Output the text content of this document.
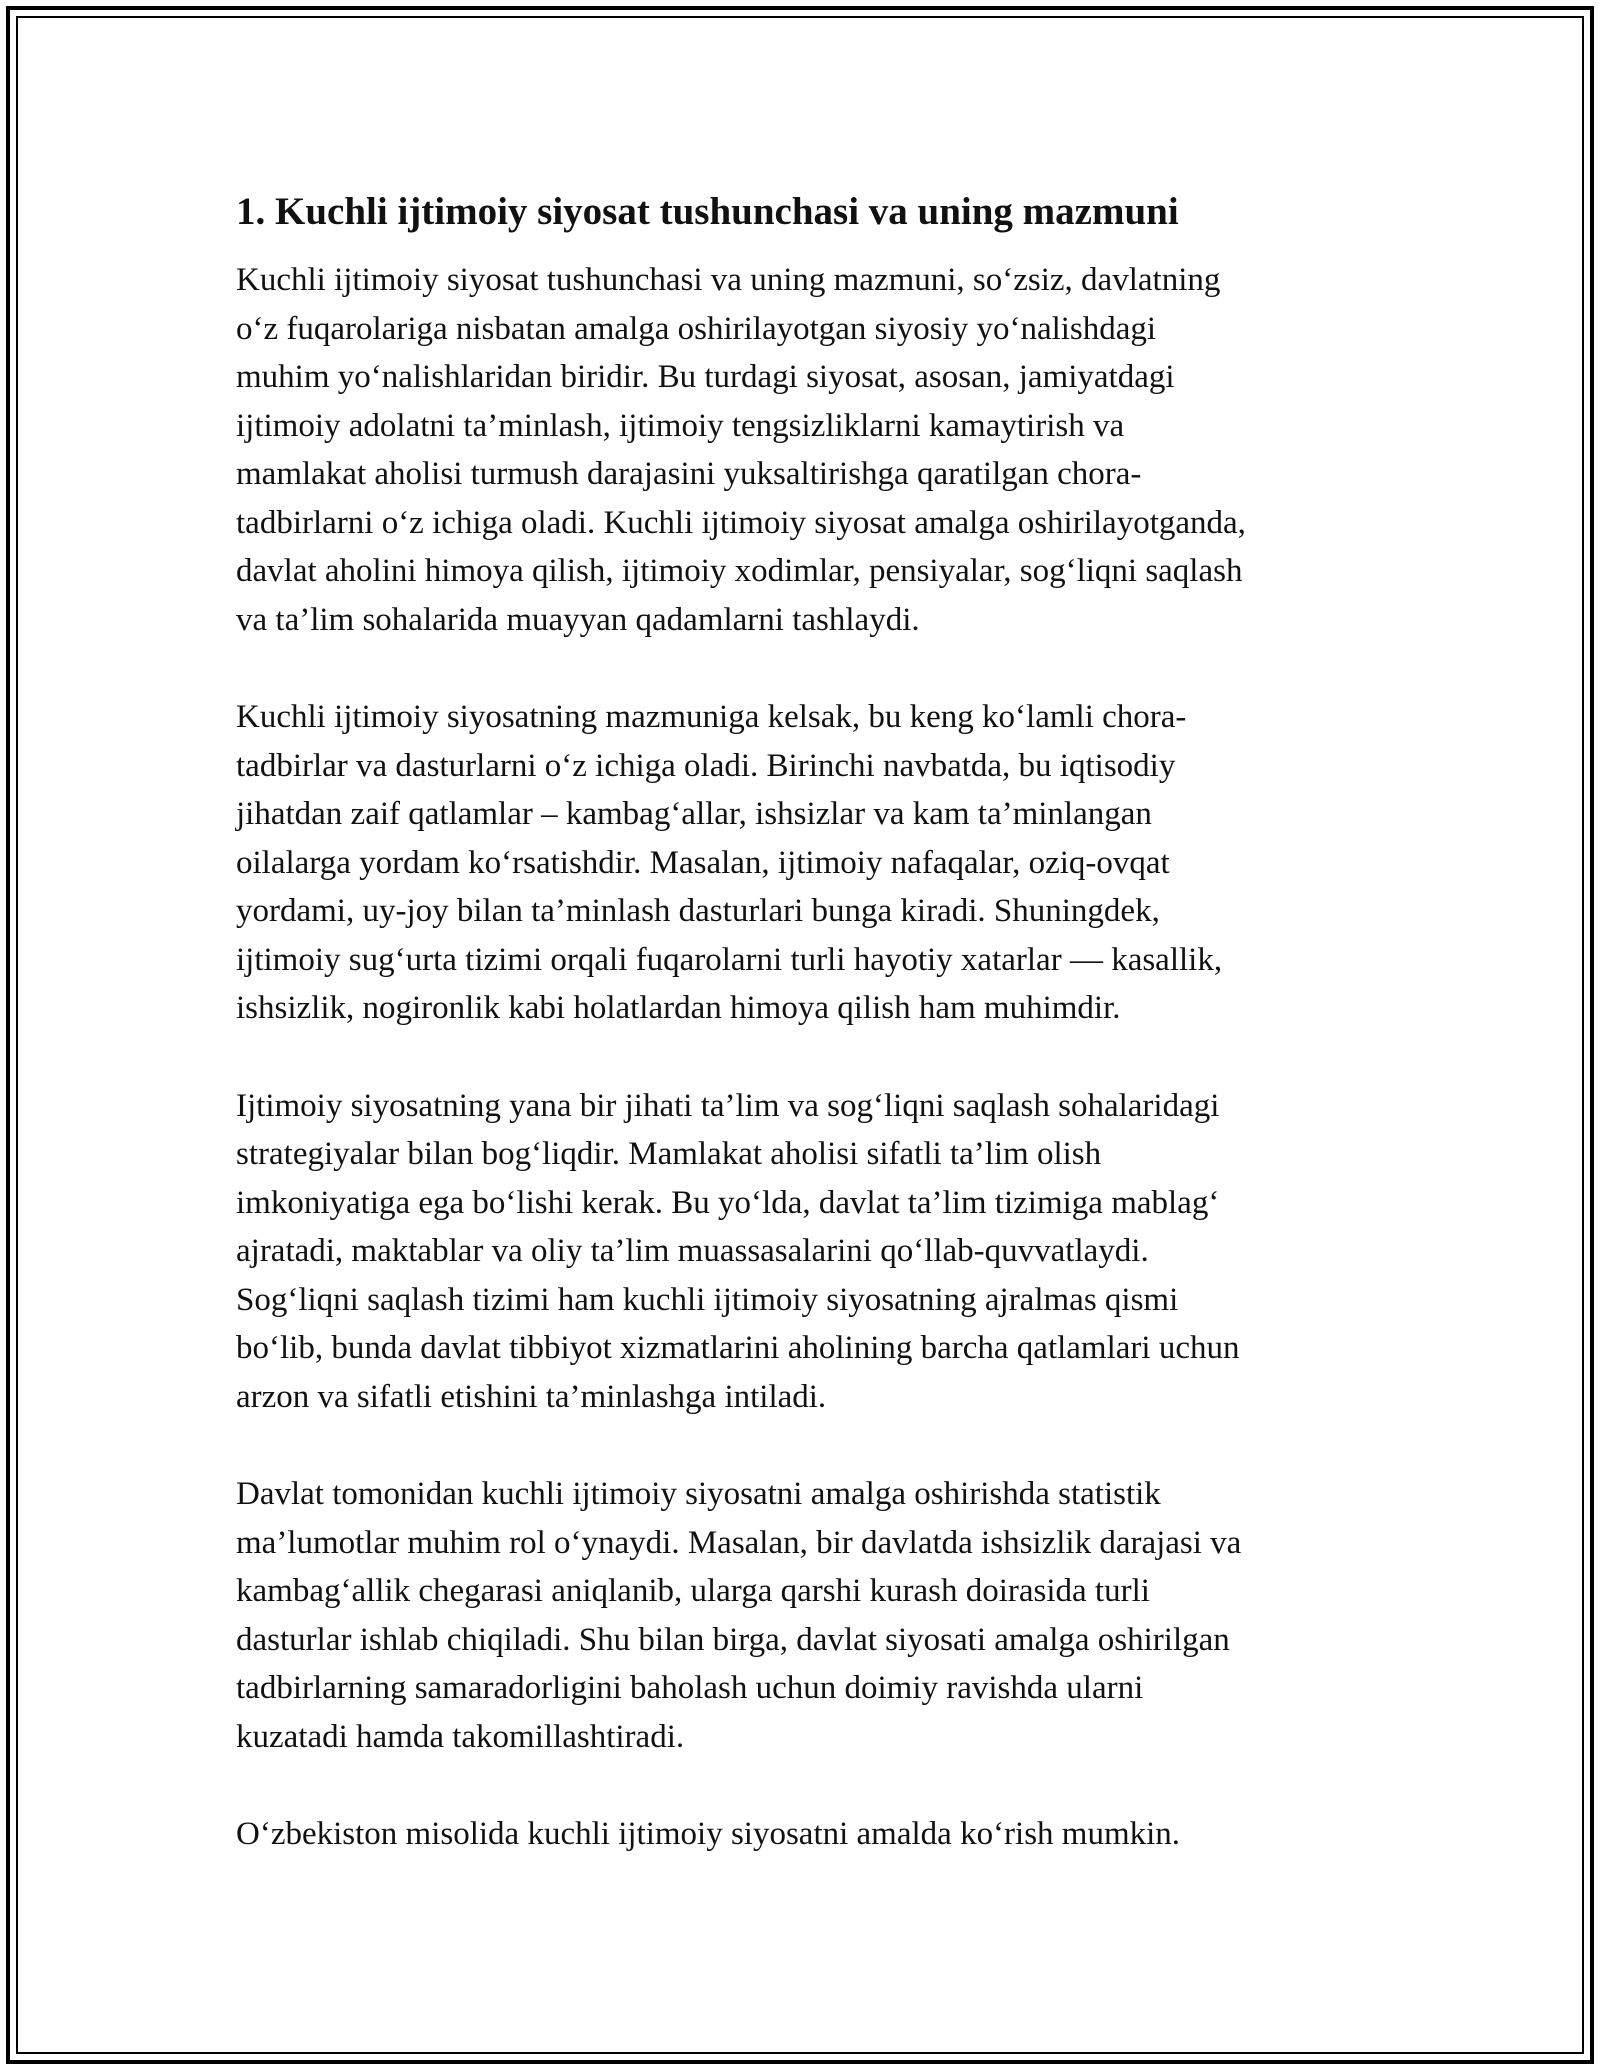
1. Kuchli ijtimoiy siyosat tushunchasi va uning mazmuni

Kuchli ijtimoiy siyosat tushunchasi va uning mazmuni, so‘zsiz, davlatning
o‘z fuqarolariga nisbatan amalga oshirilayotgan siyosiy yo‘nalishdagi
muhim yo‘nalishlaridan biridir. Bu turdagi siyosat, asosan, jamiyatdagi
ijtimoiy adolatni ta’minlash, ijtimoiy tengsizliklarni kamaytirish va
mamlakat aholisi turmush darajasini yuksaltirishga qaratilgan chora-
tadbirlarni o‘z ichiga oladi. Kuchli ijtimoiy siyosat amalga oshirilayotganda,
davlat aholini himoya qilish, ijtimoiy xodimlar, pensiyalar, sog‘liqni saqlash
va ta’lim sohalarida muayyan qadamlarni tashlaydi.

Kuchli ijtimoiy siyosatning mazmuniga kelsak, bu keng ko‘lamli chora-
tadbirlar va dasturlarni o‘z ichiga oladi. Birinchi navbatda, bu iqtisodiy
jihatdan zaif qatlamlar – kambag‘allar, ishsizlar va kam ta’minlangan
oilalarga yordam ko‘rsatishdir. Masalan, ijtimoiy nafaqalar, oziq-ovqat
yordami, uy-joy bilan ta’minlash dasturlari bunga kiradi. Shuningdek,
ijtimoiy sug‘urta tizimi orqali fuqarolarni turli hayotiy xatarlar — kasallik,
ishsizlik, nogironlik kabi holatlardan himoya qilish ham muhimdir.

Ijtimoiy siyosatning yana bir jihati ta’lim va sog‘liqni saqlash sohalaridagi
strategiyalar bilan bog‘liqdir. Mamlakat aholisi sifatli ta’lim olish
imkoniyatiga ega bo‘lishi kerak. Bu yo‘lda, davlat ta’lim tizimiga mablag‘
ajratadi, maktablar va oliy ta’lim muassasalarini qo‘llab-quvvatlaydi.
Sog‘liqni saqlash tizimi ham kuchli ijtimoiy siyosatning ajralmas qismi
bo‘lib, bunda davlat tibbiyot xizmatlarini aholining barcha qatlamlari uchun
arzon va sifatli etishini ta’minlashga intiladi.

Davlat tomonidan kuchli ijtimoiy siyosatni amalga oshirishda statistik
ma’lumotlar muhim rol o‘ynaydi. Masalan, bir davlatda ishsizlik darajasi va
kambag‘allik chegarasi aniqlanib, ularga qarshi kurash doirasida turli
dasturlar ishlab chiqiladi. Shu bilan birga, davlat siyosati amalga oshirilgan
tadbirlarning samaradorligini baholash uchun doimiy ravishda ularni
kuzatadi hamda takomillashtiradi.

O‘zbekiston misolida kuchli ijtimoiy siyosatni amalda ko‘rish mumkin.
